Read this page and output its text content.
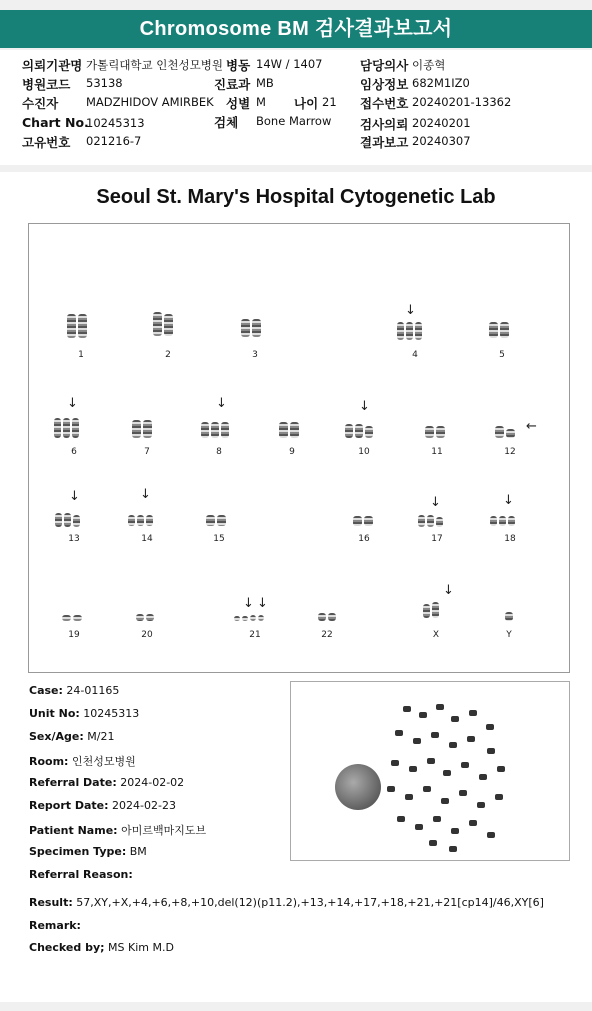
Chromosome BM 검사결과보고서
의뢰기관명 가톨릭대학교 인천성모병원 병동 14W / 1407	담당의사 이종혁
병원코드 53138	진료과 MB	임상정보 682M1IZ0
수진자 MADZHIDOV AMIRBEK 성별 M 나이 21 접수번호 20240201-13362
Chart No.
10245313	검체 Bone Marrow 검사의뢰 20240201
고유번호 021216-7	결과보고 20240307
Seoul St. Mary's Hospital Cytogenetic Lab
1	2	3
↓
4	5
↓
6	7
↓
8	9
↓
10	11
←
12
↓
13
↓
14	15	16
↓
17
↓
18
19	20
↓ ↓
21	22
↓
X	Y
Case: 24-01165
Unit No: 10245313
Sex/Age: M/21
Room: 인천성모병원
Referral Date: 2024-02-02
Report Date: 2024-02-23
Patient Name: 아미르백마지도브
Specimen Type: BM
Referral Reason:
Result: 57,XY,+X,+4,+6,+8,+10,del(12)(p11.2),+13,+14,+17,+18,+21,+21[cp14]/46,XY[6]
Remark:
Checked by; MS Kim M.D
